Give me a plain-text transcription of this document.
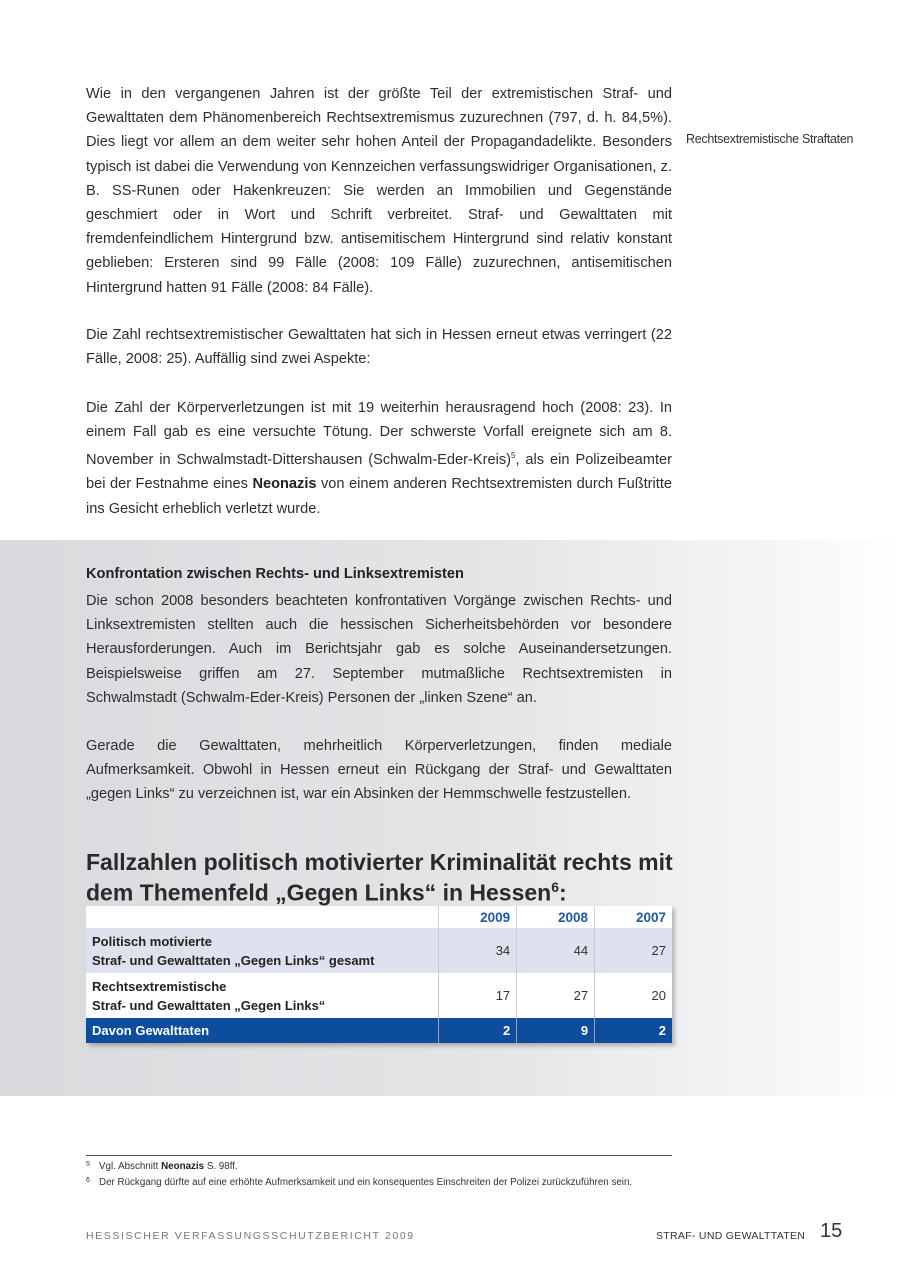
Wie in den vergangenen Jahren ist der größte Teil der extremistischen Straf- und Gewalttaten dem Phänomenbereich Rechtsextremismus zuzurechnen (797, d. h. 84,5%). Dies liegt vor allem an dem weiter sehr hohen Anteil der Propagandadelikte. Besonders typisch ist dabei die Verwendung von Kennzeichen verfassungswidriger Organisationen, z. B. SS-Runen oder Hakenkreuzen: Sie werden an Immobilien und Gegenstände geschmiert oder in Wort und Schrift verbreitet. Straf- und Gewalttaten mit fremdenfeindlichem Hintergrund bzw. antisemitischem Hintergrund sind relativ konstant geblieben: Ersteren sind 99 Fälle (2008: 109 Fälle) zuzurechnen, antisemitischen Hintergrund hatten 91 Fälle (2008: 84 Fälle).

Rechtsextremistische Straftaten

Die Zahl rechtsextremistischer Gewalttaten hat sich in Hessen erneut etwas verringert (22 Fälle, 2008: 25). Auffällig sind zwei Aspekte:

Die Zahl der Körperverletzungen ist mit 19 weiterhin herausragend hoch (2008: 23). In einem Fall gab es eine versuchte Tötung. Der schwerste Vorfall ereignete sich am 8. November in Schwalmstadt-Dittershausen (Schwalm-Eder-Kreis)$^5$, als ein Polizeibeamter bei der Festnahme eines Neonazis von einem anderen Rechtsextremisten durch Fußtritte ins Gesicht erheblich verletzt wurde.

Konfrontation zwischen Rechts- und Linksextremisten

Die schon 2008 besonders beachteten konfrontativen Vorgänge zwischen Rechts- und Linksextremisten stellten auch die hessischen Sicherheitsbehörden vor besondere Herausforderungen. Auch im Berichtsjahr gab es solche Auseinandersetzungen. Beispielsweise griffen am 27. September mutmaßliche Rechtsextremisten in Schwalmstadt (Schwalm-Eder-Kreis) Personen der „linken Szene“ an.

Gerade die Gewalttaten, mehrheitlich Körperverletzungen, finden mediale Aufmerksamkeit. Obwohl in Hessen erneut ein Rückgang der Straf- und Gewalttaten „gegen Links“ zu verzeichnen ist, war ein Absinken der Hemmschwelle festzustellen.

Fallzahlen politisch motivierter Kriminalität rechts mit dem Themenfeld „Gegen Links“ in Hessen$^6$:
	2009	2008	2007
Politisch motivierte
Straf- und Gewalttaten „Gegen Links“ gesamt	34	44	27
Rechtsextremistische
Straf- und Gewalttaten „Gegen Links“	17	27	20
Davon Gewalttaten	2	9	2
5 Vgl. Abschnitt Neonazis S. 98ff.
6 Der Rückgang dürfte auf eine erhöhte Aufmerksamkeit und ein konsequentes Einschreiten der Polizei zurückzuführen sein.
HESSISCHER VERFASSUNGSSCHUTZBERICHT 2009	STRAF- UND GEWALTTATEN 15
